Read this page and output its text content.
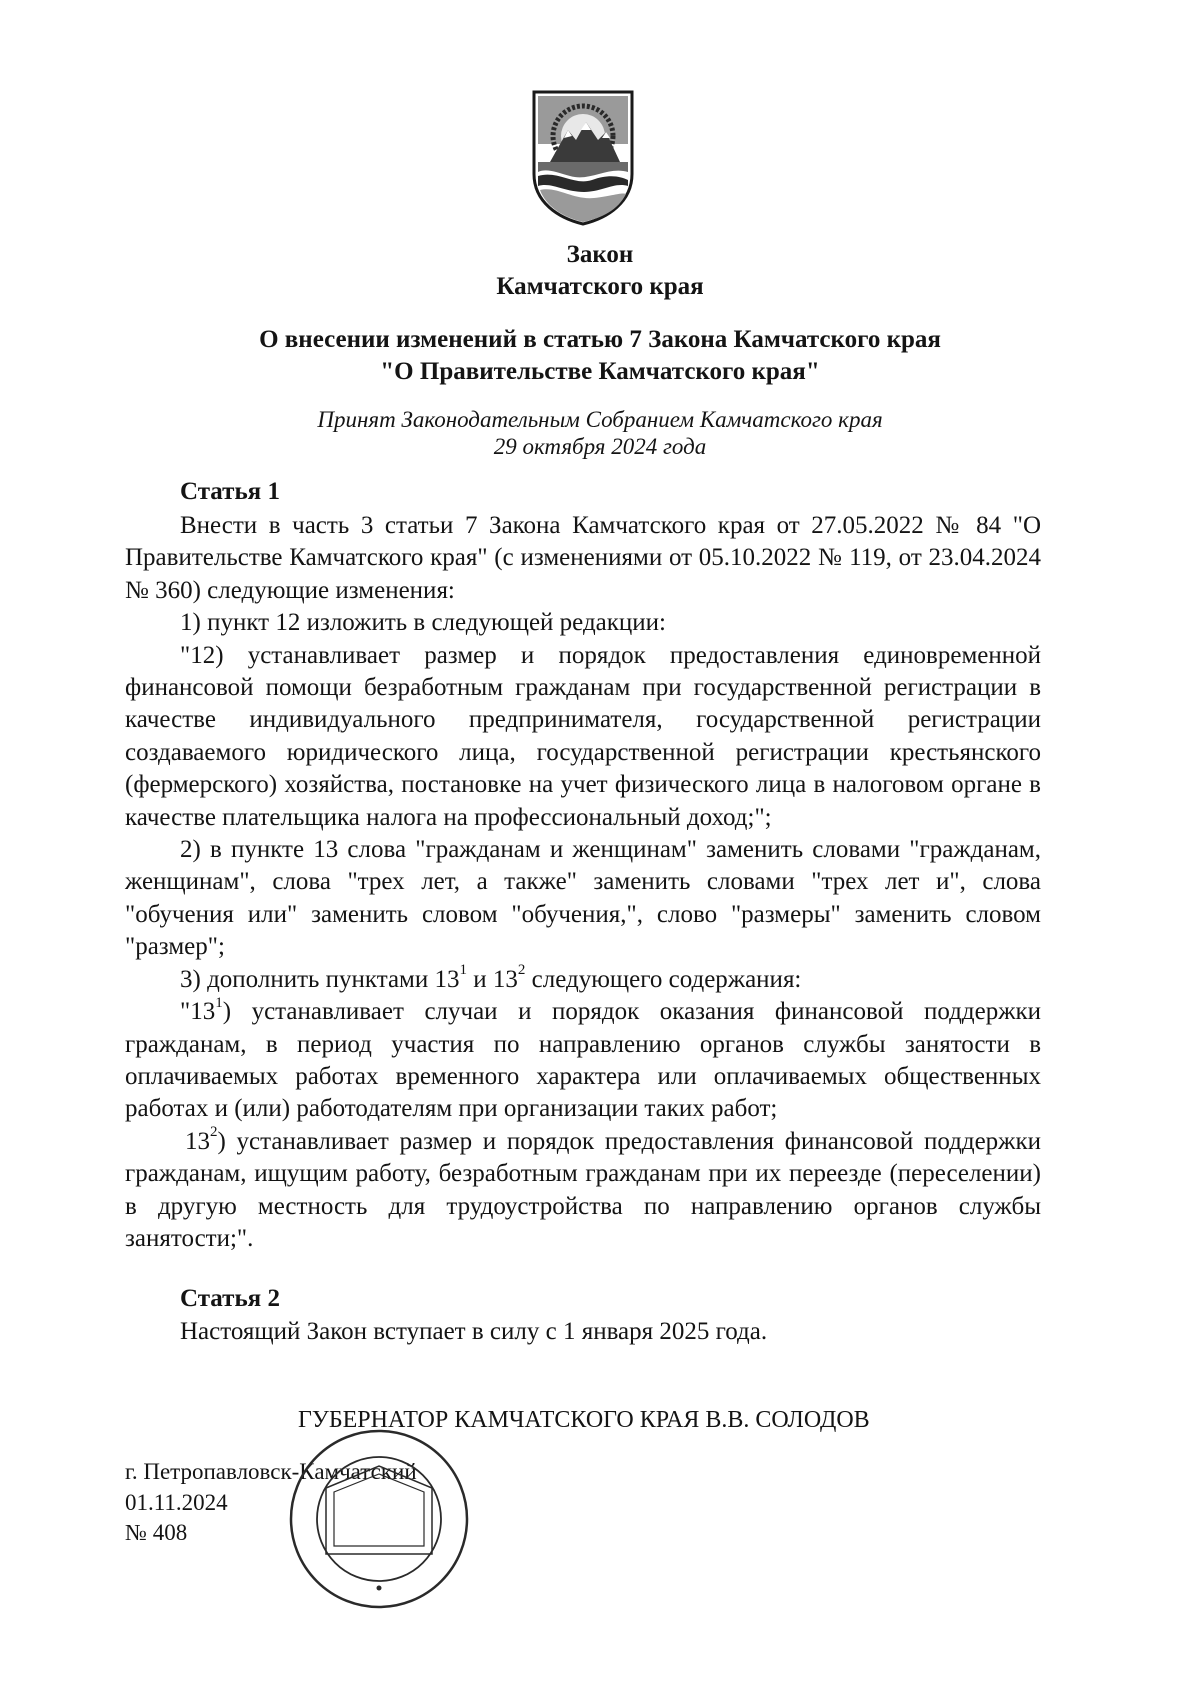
Закон
Камчатского края
О внесении изменений в статью 7 Закона Камчатского края
"О Правительстве Камчатского края"
Принят Законодательным Собранием Камчатского края
29 октября 2024 года
Статья 1
Внести в часть 3 статьи 7 Закона Камчатского края от 27.05.2022 № 84 "О Правительстве Камчатского края" (с изменениями от 05.10.2022 № 119, от 23.04.2024 № 360) следующие изменения:
1) пункт 12 изложить в следующей редакции:
"12) устанавливает размер и порядок предоставления единовременной финансовой помощи безработным гражданам при государственной регистрации в качестве индивидуального предпринимателя, государственной регистрации создаваемого юридического лица, государственной регистрации крестьянского (фермерского) хозяйства, постановке на учет физического лица в налоговом органе в качестве плательщика налога на профессиональный доход;";
2) в пункте 13 слова "гражданам и женщинам" заменить словами "гражданам, женщинам", слова "трех лет, а также" заменить словами "трех лет и", слова "обучения или" заменить словом "обучения,", слово "размеры" заменить словом "размер";
3) дополнить пунктами $13^1$ и $13^2$ следующего содержания:
"$13^1$) устанавливает случаи и порядок оказания финансовой поддержки гражданам, в период участия по направлению органов службы занятости в оплачиваемых работах временного характера или оплачиваемых общественных работах и (или) работодателям при организации таких работ;
$13^2$) устанавливает размер и порядок предоставления финансовой поддержки гражданам, ищущим работу, безработным гражданам при их переезде (переселении) в другую местность для трудоустройства по направлению органов службы занятости;".
Статья 2
Настоящий Закон вступает в силу с 1 января 2025 года.
ГУБЕРНАТОР КАМЧАТСКОГО КРАЯ В.В. СОЛОДОВ
г. Петропавловск-Камчатский
01.11.2024
№ 408
